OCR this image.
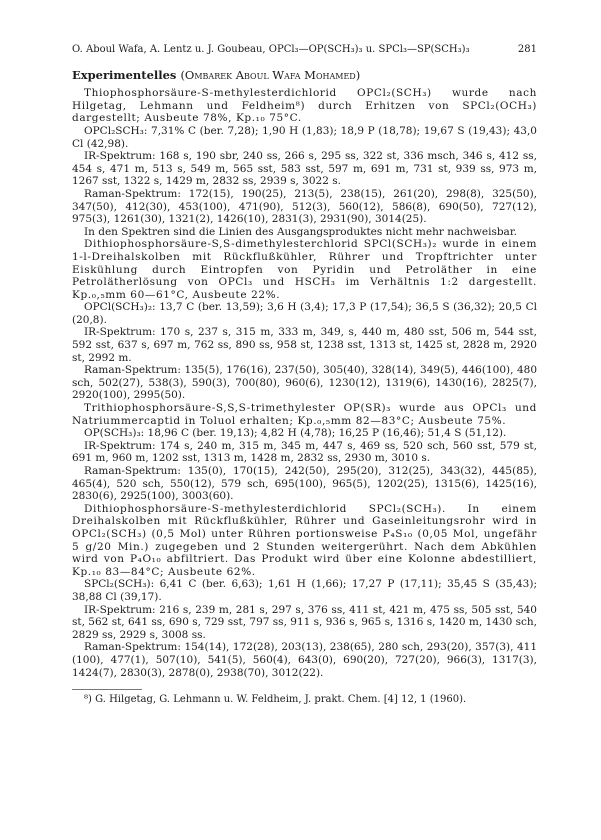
O. Aboul Wafa, A. Lentz u. J. Goubeau, OPCl₃—OP(SCH₃)₃ u. SPCl₃—SP(SCH₃)₃	281
Experimentelles (Ombarek Aboul Wafa Mohamed)

Thiophosphorsäure-S-methylesterdichlorid OPCl₂(SCH₃) wurde nach Hilgetag, Lehmann und Feldheim⁸) durch Erhitzen von SPCl₂(OCH₃) dargestellt; Ausbeute 78%, Kp.₁₀ 75°C.

OPCl₂SCH₃: 7,31% C (ber. 7,28); 1,90 H (1,83); 18,9 P (18,78); 19,67 S (19,43); 43,0 Cl (42,98).

IR-Spektrum: 168 s, 190 sbr, 240 ss, 266 s, 295 ss, 322 st, 336 msch, 346 s, 412 ss, 454 s, 471 m, 513 s, 549 m, 565 sst, 583 sst, 597 m, 691 m, 731 st, 939 ss, 973 m, 1267 sst, 1322 s, 1429 m, 2832 ss, 2939 s, 3022 s.

Raman-Spektrum: 172(15), 190(25), 213(5), 238(15), 261(20), 298(8), 325(50), 347(50), 412(30), 453(100), 471(90), 512(3), 560(12), 586(8), 690(50), 727(12), 975(3), 1261(30), 1321(2), 1426(10), 2831(3), 2931(90), 3014(25).

In den Spektren sind die Linien des Ausgangsproduktes nicht mehr nachweisbar.

Dithiophosphorsäure-S,S-dimethylesterchlorid SPCl(SCH₃)₂ wurde in einem 1-l-Dreihalskolben mit Rückflußkühler, Rührer und Tropftrichter unter Eiskühlung durch Eintropfen von Pyridin und Petroläther in eine Petrolätherlösung von OPCl₃ und HSCH₃ im Verhältnis 1:2 dargestellt. Kp.₀,₅mm 60—61°C, Ausbeute 22%.

OPCl(SCH₃)₂: 13,7 C (ber. 13,59); 3,6 H (3,4); 17,3 P (17,54); 36,5 S (36,32); 20,5 Cl (20,8).

IR-Spektrum: 170 s, 237 s, 315 m, 333 m, 349, s, 440 m, 480 sst, 506 m, 544 sst, 592 sst, 637 s, 697 m, 762 ss, 890 ss, 958 st, 1238 sst, 1313 st, 1425 st, 2828 m, 2920 st, 2992 m.

Raman-Spektrum: 135(5), 176(16), 237(50), 305(40), 328(14), 349(5), 446(100), 480 sch, 502(27), 538(3), 590(3), 700(80), 960(6), 1230(12), 1319(6), 1430(16), 2825(7), 2920(100), 2995(50).

Trithiophosphorsäure-S,S,S-trimethylester OP(SR)₃ wurde aus OPCl₃ und Natriummercaptid in Toluol erhalten; Kp.₀,₅mm 82—83°C; Ausbeute 75%.

OP(SCH₃)₃: 18,96 C (ber. 19,13); 4,82 H (4,78); 16,25 P (16,46); 51,4 S (51,12).

IR-Spektrum: 174 s, 240 m, 315 m, 345 m, 447 s, 469 ss, 520 sch, 560 sst, 579 st, 691 m, 960 m, 1202 sst, 1313 m, 1428 m, 2832 ss, 2930 m, 3010 s.

Raman-Spektrum: 135(0), 170(15), 242(50), 295(20), 312(25), 343(32), 445(85), 465(4), 520 sch, 550(12), 579 sch, 695(100), 965(5), 1202(25), 1315(6), 1425(16), 2830(6), 2925(100), 3003(60).

Dithiophosphorsäure-S-methylesterdichlorid SPCl₂(SCH₃). In einem Dreihalskolben mit Rückflußkühler, Rührer und Gaseinleitungsrohr wird in OPCl₂(SCH₃) (0,5 Mol) unter Rühren portionsweise P₄S₁₀ (0,05 Mol, ungefähr 5 g/20 Min.) zugegeben und 2 Stunden weitergerührt. Nach dem Abkühlen wird von P₄O₁₀ abfiltriert. Das Produkt wird über eine Kolonne abdestilliert, Kp.₁₀ 83—84°C; Ausbeute 62%.

SPCl₂(SCH₃): 6,41 C (ber. 6,63); 1,61 H (1,66); 17,27 P (17,11); 35,45 S (35,43); 38,88 Cl (39,17).

IR-Spektrum: 216 s, 239 m, 281 s, 297 s, 376 ss, 411 st, 421 m, 475 ss, 505 sst, 540 st, 562 st, 641 ss, 690 s, 729 sst, 797 ss, 911 s, 936 s, 965 s, 1316 s, 1420 m, 1430 sch, 2829 ss, 2929 s, 3008 ss.

Raman-Spektrum: 154(14), 172(28), 203(13), 238(65), 280 sch, 293(20), 357(3), 411 (100), 477(1), 507(10), 541(5), 560(4), 643(0), 690(20), 727(20), 966(3), 1317(3), 1424(7), 2830(3), 2878(0), 2938(70), 3012(22).

⁸) G. Hilgetag, G. Lehmann u. W. Feldheim, J. prakt. Chem. [4] 12, 1 (1960).
